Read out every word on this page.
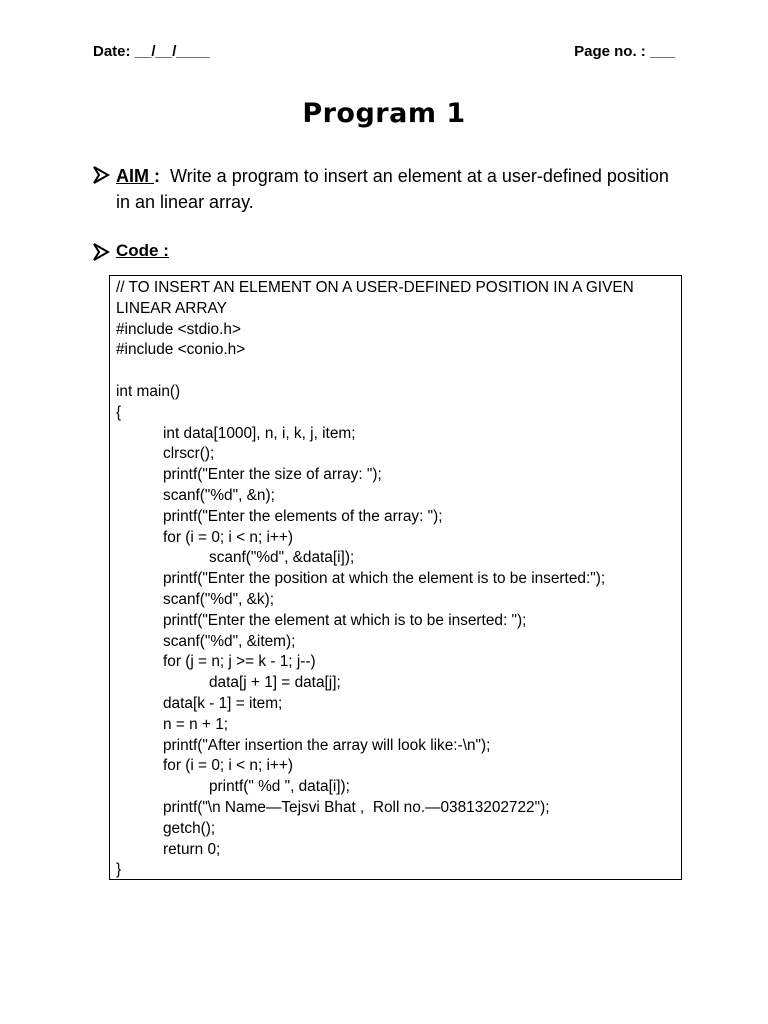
Date: __/__/____	Page no. : ___
Program 1
AIM : Write a program to insert an element at a user-defined position in an linear array.
Code :
// TO INSERT AN ELEMENT ON A USER-DEFINED POSITION IN A GIVEN
LINEAR ARRAY
#include <stdio.h>
#include <conio.h>
int main()
{
int data[1000], n, i, k, j, item;
clrscr();
printf("Enter the size of array: ");
scanf("%d", &n);
printf("Enter the elements of the array: ");
for (i = 0; i < n; i++)
scanf("%d", &data[i]);
printf("Enter the position at which the element is to be inserted:");
scanf("%d", &k);
printf("Enter the element at which is to be inserted: ");
scanf("%d", &item);
for (j = n; j >= k - 1; j--)
data[j + 1] = data[j];
data[k - 1] = item;
n = n + 1;
printf("After insertion the array will look like:-\n");
for (i = 0; i < n; i++)
printf(" %d ", data[i]);
printf("\n Name—Tejsvi Bhat ,  Roll no.—03813202722");
getch();
return 0;
}
